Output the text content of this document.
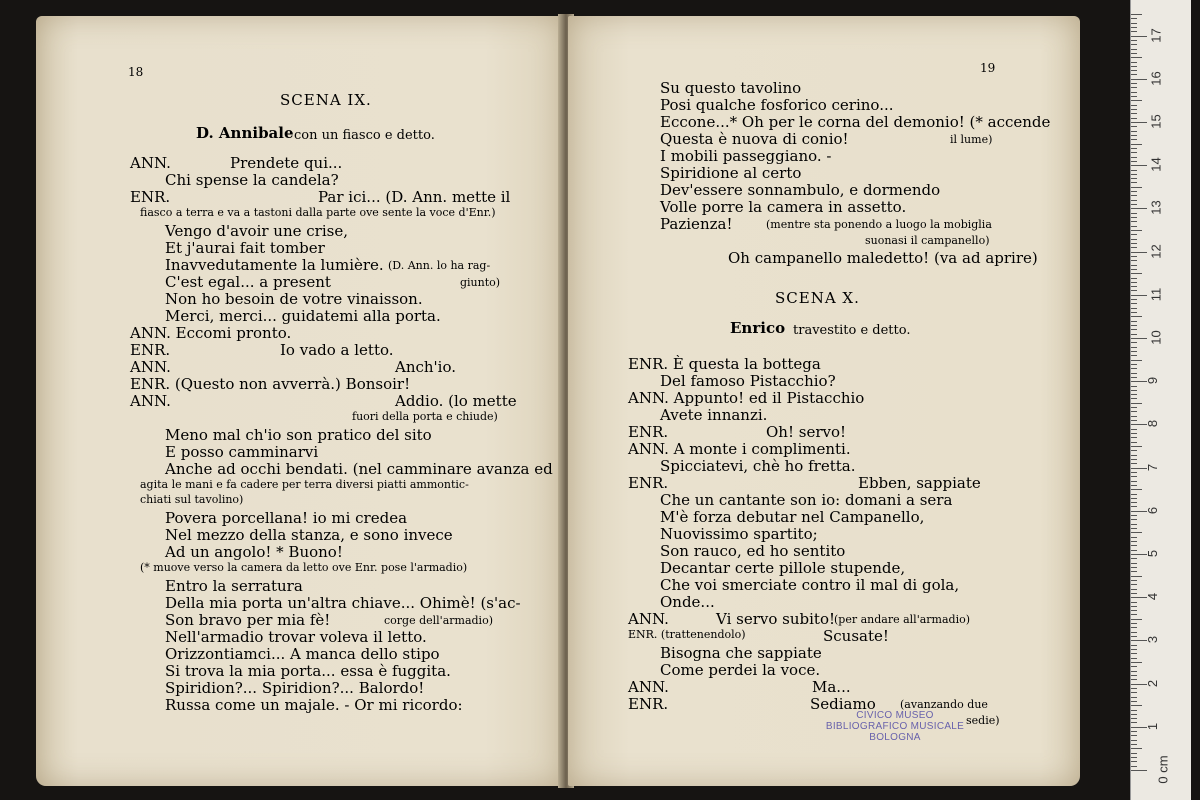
18
SCENA IX.
D. Annibale con un fiasco e detto.
ANN.	Prendete qui...
Chi spense la candela?
ENR.	Par ici... (D. Ann. mette il
fiasco a terra e va a tastoni dalla parte ove sente la voce d'Enr.)
Vengo d'avoir une crise,
Et j'aurai fait tomber
Inavvedutamente la lumière. (D. Ann. lo ha rag-
C'est egal... a present	giunto)
Non ho besoin de votre vinaisson.
Merci, merci... guidatemi alla porta.
ANN. Eccomi pronto.
ENR.	Io vado a letto.
ANN.	Anch'io.
ENR. (Questo non avverrà.) Bonsoir!
ANN.	Addio. (lo mette
fuori della porta e chiude)
Meno mal ch'io son pratico del sito
E posso camminarvi
Anche ad occhi bendati. (nel camminare avanza ed
agita le mani e fa cadere per terra diversi piatti ammontic-
chiati sul tavolino)
Povera porcellana! io mi credea
Nel mezzo della stanza, e sono invece
Ad un angolo! * Buono!
(* muove verso la camera da letto ove Enr. pose l'armadio)
Entro la serratura
Della mia porta un'altra chiave... Ohimè! (s'ac-
Son bravo per mia fè!	corge dell'armadio)
Nell'armadio trovar voleva il letto.
Orizzontiamci... A manca dello stipo
Si trova la mia porta... essa è fuggita.
Spiridion?... Spiridion?... Balordo!
Russa come un majale. - Or mi ricordo:
19
SCENA X.
Enrico travestito e detto.
Su questo tavolino
Posi qualche fosforico cerino...
Eccone...* Oh per le corna del demonio! (* accende
Questa è nuova di conio!	il lume)
I mobili passeggiano. -
Spiridione al certo
Dev'essere sonnambulo, e dormendo
Volle porre la camera in assetto.
Pazienza!	(mentre sta ponendo a luogo la mobiglia
suonasi il campanello)
Oh campanello maledetto! (va ad aprire)
ENR. È questa la bottega
Del famoso Pistacchio?
ANN. Appunto! ed il Pistacchio
Avete innanzi.
ENR.	Oh! servo!
ANN. A monte i complimenti.
Spicciatevi, chè ho fretta.
ENR.	Ebben, sappiate
Che un cantante son io: domani a sera
M'è forza debutar nel Campanello,
Nuovissimo spartito;
Son rauco, ed ho sentito
Decantar certe pillole stupende,
Che voi smerciate contro il mal di gola,
Onde...
ANN.	Vi servo subito! (per andare all'armadio)
ENR. (trattenendolo)	Scusate!
Bisogna che sappiate
Come perdei la voce.
ANN.	Ma...
ENR.	Sediamo (avanzando due
sedie)
CIVICO MUSEO
BIBLIOGRAFICO MUSICALE
BOLOGNA
0 cm
1
2
3
4
5
6
7
8
9
10
11
12
13
14
15
16
17
